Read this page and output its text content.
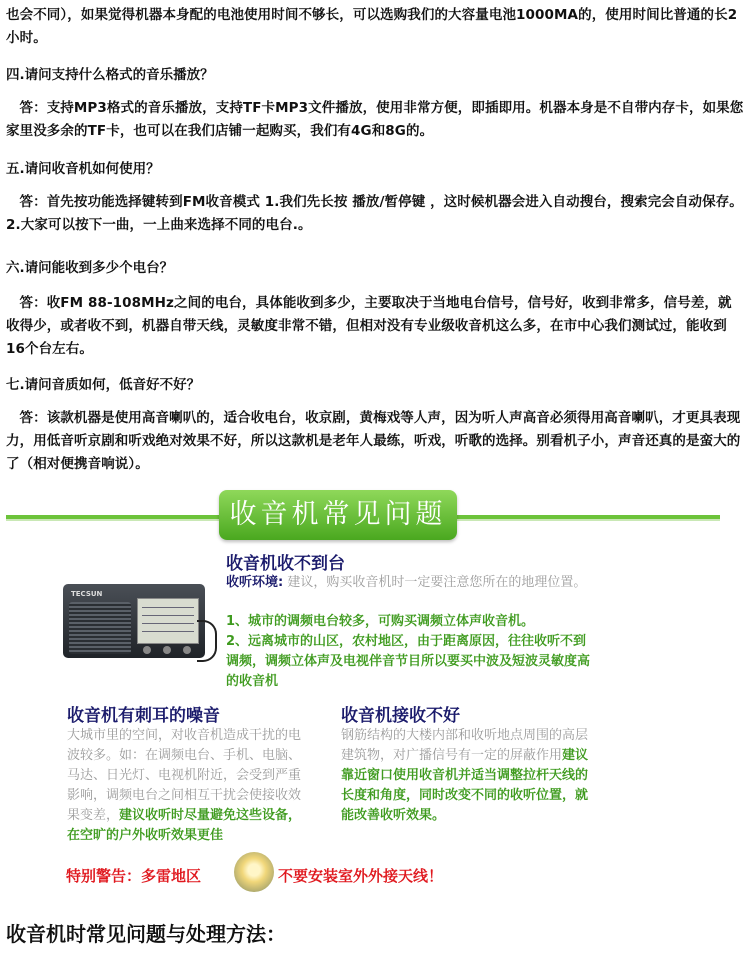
也会不同），如果觉得机器本身配的电池使用时间不够长，可以选购我们的大容量电池1000MA的，使用时间比普通的长2小时。

四.请问支持什么格式的音乐播放？

答：支持MP3格式的音乐播放，支持TF卡MP3文件播放，使用非常方便，即插即用。机器本身是不自带内存卡，如果您家里没多余的TF卡，也可以在我们店铺一起购买，我们有4G和8G的。

五.请问收音机如何使用？

答：首先按功能选择键转到FM收音模式 1.我们先长按 播放/暂停键 ，这时候机器会进入自动搜台，搜索完会自动保存。2.大家可以按下一曲，一上曲来选择不同的电台.。

六.请问能收到多少个电台？

答：收FM 88-108MHz之间的电台，具体能收到多少，主要取决于当地电台信号，信号好，收到非常多，信号差，就收得少，或者收不到，机器自带天线，灵敏度非常不错，但相对没有专业级收音机这么多，在市中心我们测试过，能收到16个台左右。

七.请问音质如何，低音好不好？

答：该款机器是使用高音喇叭的，适合收电台，收京剧，黄梅戏等人声，因为听人声高音必须得用高音喇叭，才更具表现力，用低音听京剧和听戏绝对效果不好，所以这款机是老年人最练，听戏，听歌的选择。别看机子小，声音还真的是蛮大的了（相对便携音响说）。

收音机常见问题
TECSUN
收音机收不到台
收听环境: 建议，购买收音机时一定要注意您所在的地理位置。
1、城市的调频电台较多，可购买调频立体声收音机。
2、远离城市的山区，农村地区，由于距离原因，往往收听不到调频，调频立体声及电视伴音节目所以要买中波及短波灵敏度高的收音机
收音机有刺耳的噪音
大城市里的空间，对收音机造成干扰的电波较多。如：在调频电台、手机、电脑、马达、日光灯、电视机附近，会受到严重影响，调频电台之间相互干扰会使接收效果变差，建议收听时尽量避免这些设备，在空旷的户外收听效果更佳
收音机接收不好
钢筋结构的大楼内部和收听地点周围的高层建筑物，对广播信号有一定的屏蔽作用建议靠近窗口使用收音机并适当调整拉杆天线的长度和角度，同时改变不同的收听位置，就能改善收听效果。
特别警告：多雷地区	不要安装室外外接天线！
收音机时常见问题与处理方法：
